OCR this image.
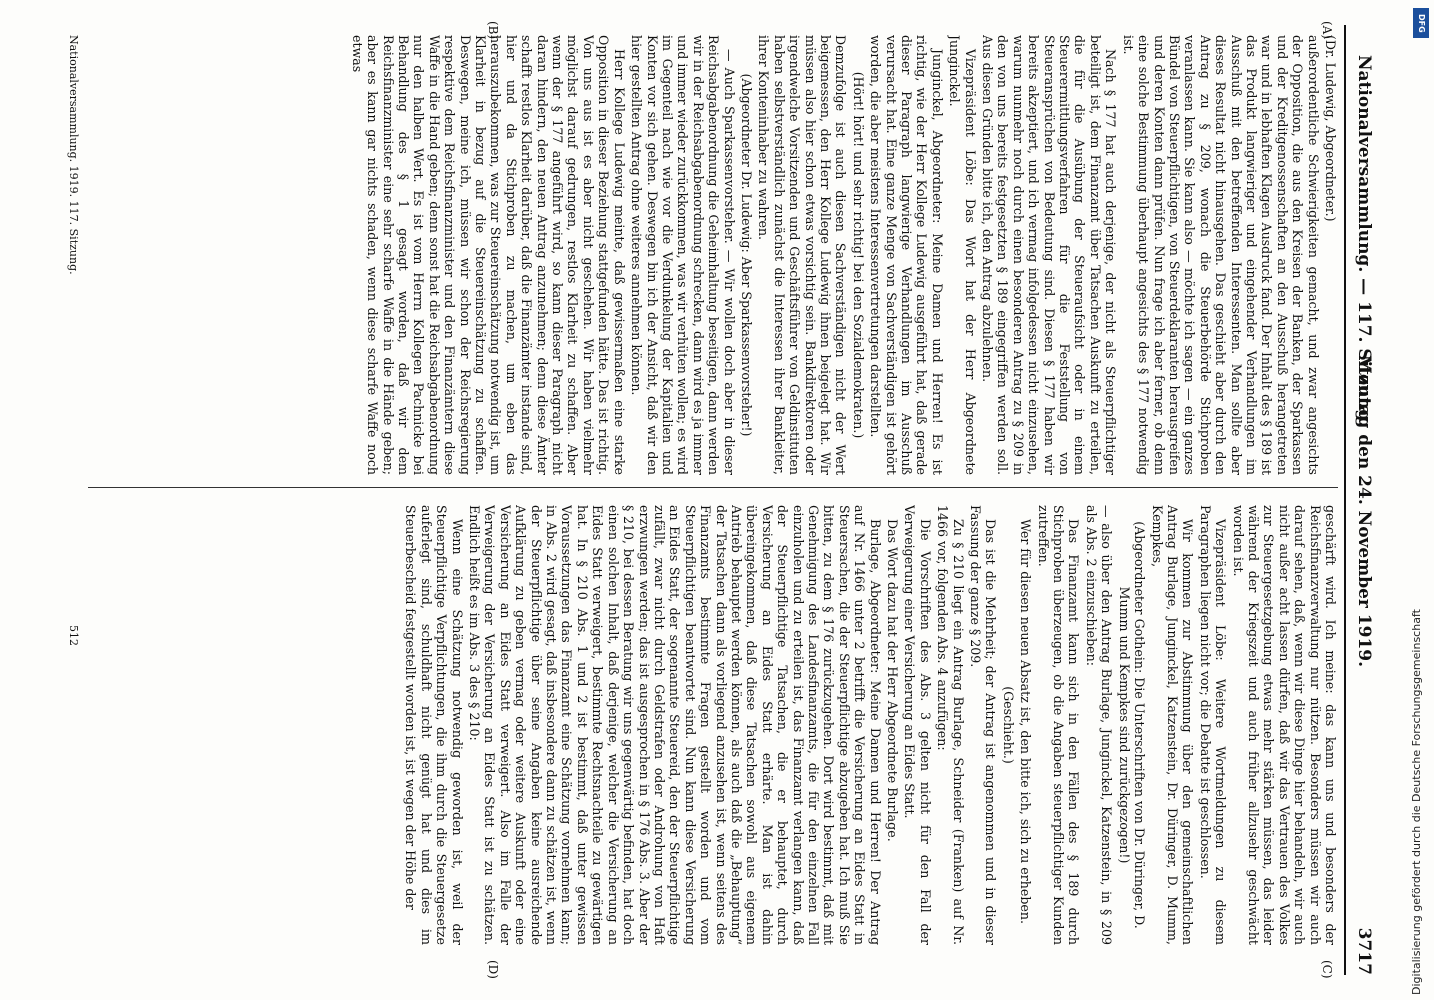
Nationalversammlung. — 117. Sitzung.
Montag den 24. November 1919.
3717
(A)
(B)
(C)
(D)

(Dr. Ludewig, Abgeordneter.)

außerordentliche Schwierigkeiten gemacht, und zwar angesichts der Opposition, die aus den Kreisen der Banken, der Sparkassen und der Kreditgenossenschaften an den Ausschuß herangetreten war und in lebhaften Klagen Ausdruck fand. Der Inhalt des § 189 ist das Produkt langwieriger und eingehender Verhandlungen im Ausschuß mit den betreffenden Interessenten. Man sollte aber dieses Resultat nicht hinausgehen. Das geschieht aber durch den Antrag zu § 209, wonach die Steuerbehörde Stichproben veranlassen kann. Sie kann also — möchte ich sagen — ein ganzes Bündel von Steuerpflichtigen, von Steuerdeklaranten herausgreifen und deren Konten dann prüfen. Nun frage ich aber ferner, ob denn eine solche Bestimmung überhaupt angesichts des § 177 notwendig ist.

Nach § 177 hat auch derjenige, der nicht als Steuerpflichtiger beteiligt ist, dem Finanzamt über Tatsachen Auskunft zu erteilen, die für die Ausübung der Steueraufsicht oder in einem Steuerermittlungsverfahren für die Feststellung von Steueransprüchen von Bedeutung sind. Diesen § 177 haben wir bereits akzeptiert, und ich vermag infolgedessen nicht einzusehen, warum nunmehr noch durch einen besonderen Antrag zu § 209 in den von uns bereits festgesetzten § 189 eingegriffen werden soll. Aus diesen Gründen bitte ich, den Antrag abzulehnen.

Vizepräsident Löbe: Das Wort hat der Herr Abgeordnete Junginckel.

Junginckel, Abgeordneter: Meine Damen und Herren! Es ist richtig, wie der Herr Kollege Ludewig ausgeführt hat, daß gerade dieser Paragraph langwierige Verhandlungen im Ausschuß verursacht hat. Eine ganze Menge von Sachverständigen ist gehört worden, die aber meistens Interessenvertretungen darstellten.

(Hört! hört! und sehr richtig! bei den Sozialdemokraten.)

Demzufolge ist auch diesen Sachverständigen nicht der Wert beigemessen, den Herr Kollege Ludewig ihnen beigelegt hat. Wir müssen also hier schon etwas vorsichtig sein. Bankdirektoren oder irgendwelche Vorsitzenden und Geschäftsführer von Geldinstituten haben selbstverständlich zunächst die Interessen ihrer Bankleiter, ihrer Konteninhaber zu wahren.

(Abgeordneter Dr. Ludewig: Aber Sparkassenvorsteher!)

— Auch Sparkassenvorsteher. — Wir wollen doch aber in dieser Reichsabgabenordnung die Geheimhaltung beseitigen, dann werden wir in der Reichsabgabenordnung schrecken, dann wird es ja immer und immer wieder zurückkommen, was wir verhüten wollen; es wird im Gegenteil nach wie vor die Verdunkelung der Kapitalien und Konten vor sich gehen. Deswegen bin ich der Ansicht, daß wir den hier gestellten Antrag ohne weiteres annehmen können.

Herr Kollege Ludewig meinte, daß gewissermaßen eine starke Opposition in dieser Beziehung stattgefunden hätte. Das ist richtig. Von uns aus ist es aber nicht geschehen. Wir haben vielmehr möglichst darauf gedrungen, restlos Klarheit zu schaffen. Aber wenn der § 177 angeführt wird, so kann dieser Paragraph nicht daran hindern, den neuen Antrag anzunehmen; denn diese Ämter schafft restlos Klarheit darüber, daß die Finanzämter instande sind, hier und da Stichproben zu machen, um eben das herauszubekommen, was zur Steuereinschätzung notwendig ist, um Klarheit in bezug auf die Steuereinschätzung zu schaffen. Deswegen, meine ich, müssen wir schon der Reichsregierung respektive dem Reichsfinanzminister und den Finanzämtern diese Waffe in die Hand geben; denn sonst hat die Reichsabgabenordnung nur den halben Wert. Es ist vom Herrn Kollegen Pachnicke bei Behandlung des § 1 gesagt worden, daß wir dem Reichsfinanzminister eine sehr scharfe Waffe in die Hände geben; aber es kann gar nichts schaden, wenn diese scharfe Waffe noch etwas

geschärft wird. Ich meine: das kann uns und besonders der Reichsfinanzverwaltung nur nützen. Besonders müssen wir auch darauf sehen, daß, wenn wir diese Dinge hier behandeln, wir auch nicht außer acht lassen dürfen, daß wir das Vertrauen des Volkes zur Steuergesetzgebung etwas mehr stärken müssen, das leider während der Kriegszeit und auch früher allzusehr geschwächt worden ist.

Vizepräsident Löbe: Weitere Wortmeldungen zu diesem Paragraphen liegen nicht vor; die Debatte ist geschlossen.

Wir kommen zur Abstimmung über den gemeinschaftlichen Antrag Burlage, Junginckel, Katzenstein, Dr. Düringer, D. Mumm, Kempkes,

(Abgeordneter Gothein: Die Unterschriften von Dr. Düringer, D. Mumm und Kempkes sind zurückgezogen!)

— also über den Antrag Burlage, Junginckel, Katzenstein, in § 209 als Abs. 2 einzuschieben:

Das Finanzamt kann sich in den Fällen des § 189 durch Stichproben überzeugen, ob die Angaben steuerpflichtiger Kunden zutreffen.

Wer für diesen neuen Absatz ist, den bitte ich, sich zu erheben.

(Geschieht.)

Das ist die Mehrheit; der Antrag ist angenommen und in dieser Fassung der ganze § 209.

Zu § 210 liegt ein Antrag Burlage, Schneider (Franken) auf Nr. 1466 vor, folgenden Abs. 4 anzufügen:

Die Vorschriften des Abs. 3 gelten nicht für den Fall der Verweigerung einer Versicherung an Eides Statt.

Das Wort dazu hat der Herr Abgeordnete Burlage.

Burlage, Abgeordneter: Meine Damen und Herren! Der Antrag auf Nr. 1466 unter 2 betrifft die Versicherung an Eides Statt in Steuersachen, die der Steuerpflichtige abzugeben hat. Ich muß Sie bitten, zu dem § 176 zurückzugehen. Dort wird bestimmt, daß mit Genehmigung des Landesfinanzamts, die für den einzelnen Fall einzuholen und zu erteilen ist, das Finanzamt verlangen kann, daß der Steuerpflichtige Tatsachen, die er behauptet, durch Versicherung an Eides Statt erhärte. Man ist dahin übereingekommen, daß diese Tatsachen sowohl aus eigenem Antrieb behauptet werden können, als auch daß die „Behauptung“ der Tatsachen dann als vorliegend anzusehen ist, wenn seitens des Finanzamts bestimmte Fragen gestellt worden und vom Steuerpflichtigen beantwortet sind. Nun kann diese Versicherung an Eides Statt, der sogenannte Steuereid, den der Steuerpflichtige zufällt, zwar nicht durch Geldstrafen oder Androhung von Haft erzwungen werden; das ist ausgesprochen in § 176 Abs. 3. Aber der § 210, bei dessen Beratung wir uns gegenwärtig befinden, hat doch einen solchen Inhalt, daß derjenige, welcher die Versicherung an Eides Statt verweigert, bestimmte Rechtsnachteile zu gewärtigen hat. In § 210 Abs. 1 und 2 ist bestimmt, daß unter gewissen Voraussetzungen das Finanzamt eine Schätzung vornehmen kann; in Abs. 2 wird gesagt, daß insbesondere dann zu schätzen ist, wenn der Steuerpflichtige über seine Angaben keine ausreichende Aufklärung zu geben vermag oder weitere Auskunft oder eine Versicherung an Eides Statt verweigert. Also im Falle der Verweigerung der Versicherung an Eides Statt ist zu schätzen. Endlich heißt es im Abs. 3 des § 210:

Wenn eine Schätzung notwendig geworden ist, weil der Steuerpflichtige Verpflichtungen, die ihm durch die Steuergesetze auferlegt sind, schuldhaft nicht genügt hat und dies im Steuerbescheid festgestellt worden ist, ist wegen der Höhe der

Nationalversammlung. 1919. 117. Sitzung.
512
DFG
Digitalisierung gefördert durch die Deutsche Forschungsgemeinschaft
